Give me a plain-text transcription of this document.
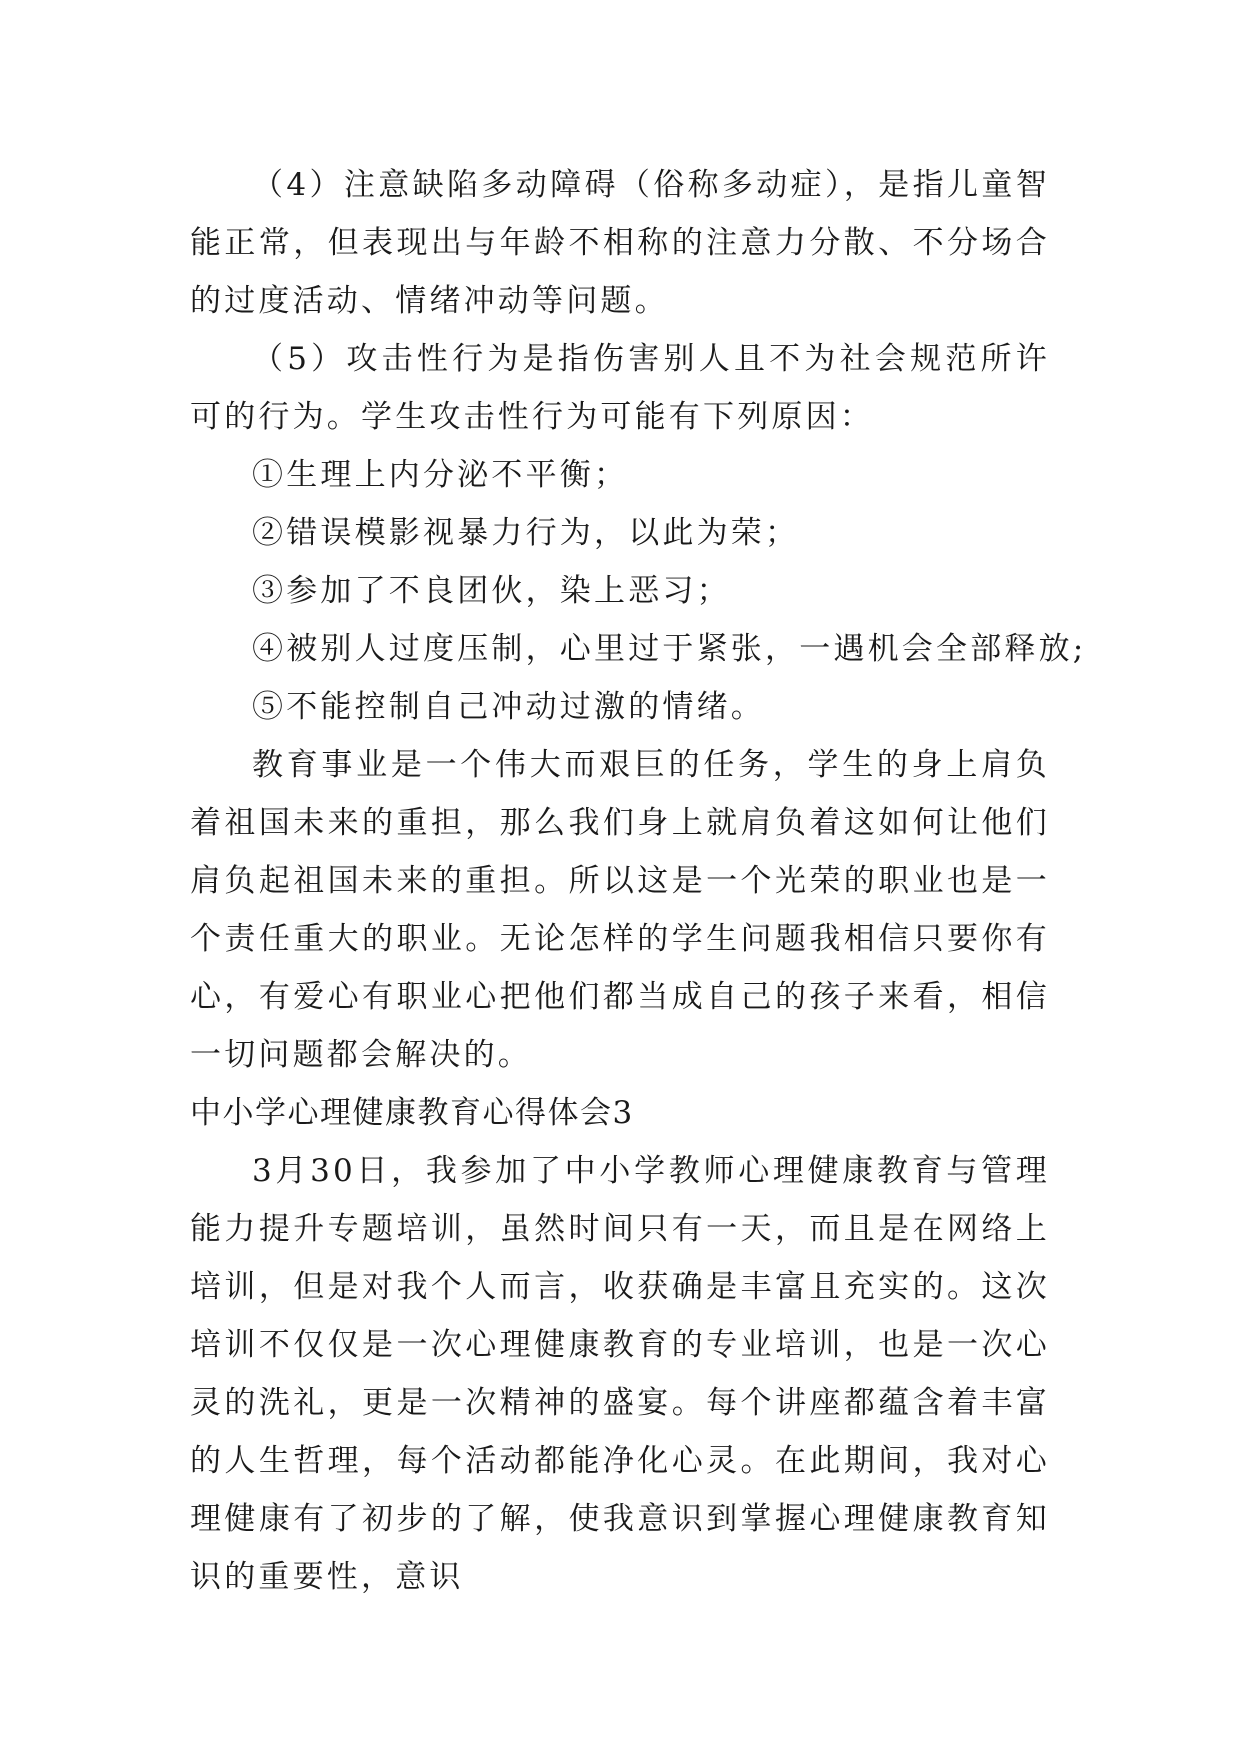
（4）注意缺陷多动障碍（俗称多动症），是指儿童智能正常，但表现出与年龄不相称的注意力分散、不分场合的过度活动、情绪冲动等问题。

（5）攻击性行为是指伤害别人且不为社会规范所许可的行为。学生攻击性行为可能有下列原因：

①生理上内分泌不平衡；

②错误模影视暴力行为，以此为荣；

③参加了不良团伙，染上恶习；

④被别人过度压制，心里过于紧张，一遇机会全部释放;

⑤不能控制自己冲动过激的情绪。

教育事业是一个伟大而艰巨的任务，学生的身上肩负着祖国未来的重担，那么我们身上就肩负着这如何让他们肩负起祖国未来的重担。所以这是一个光荣的职业也是一个责任重大的职业。无论怎样的学生问题我相信只要你有心，有爱心有职业心把他们都当成自己的孩子来看，相信一切问题都会解决的。

中小学心理健康教育心得体会3

3月30日，我参加了中小学教师心理健康教育与管理能力提升专题培训，虽然时间只有一天，而且是在网络上培训，但是对我个人而言，收获确是丰富且充实的。这次培训不仅仅是一次心理健康教育的专业培训，也是一次心灵的洗礼，更是一次精神的盛宴。每个讲座都蕴含着丰富的人生哲理，每个活动都能净化心灵。在此期间，我对心理健康有了初步的了解，使我意识到掌握心理健康教育知识的重要性，意识
